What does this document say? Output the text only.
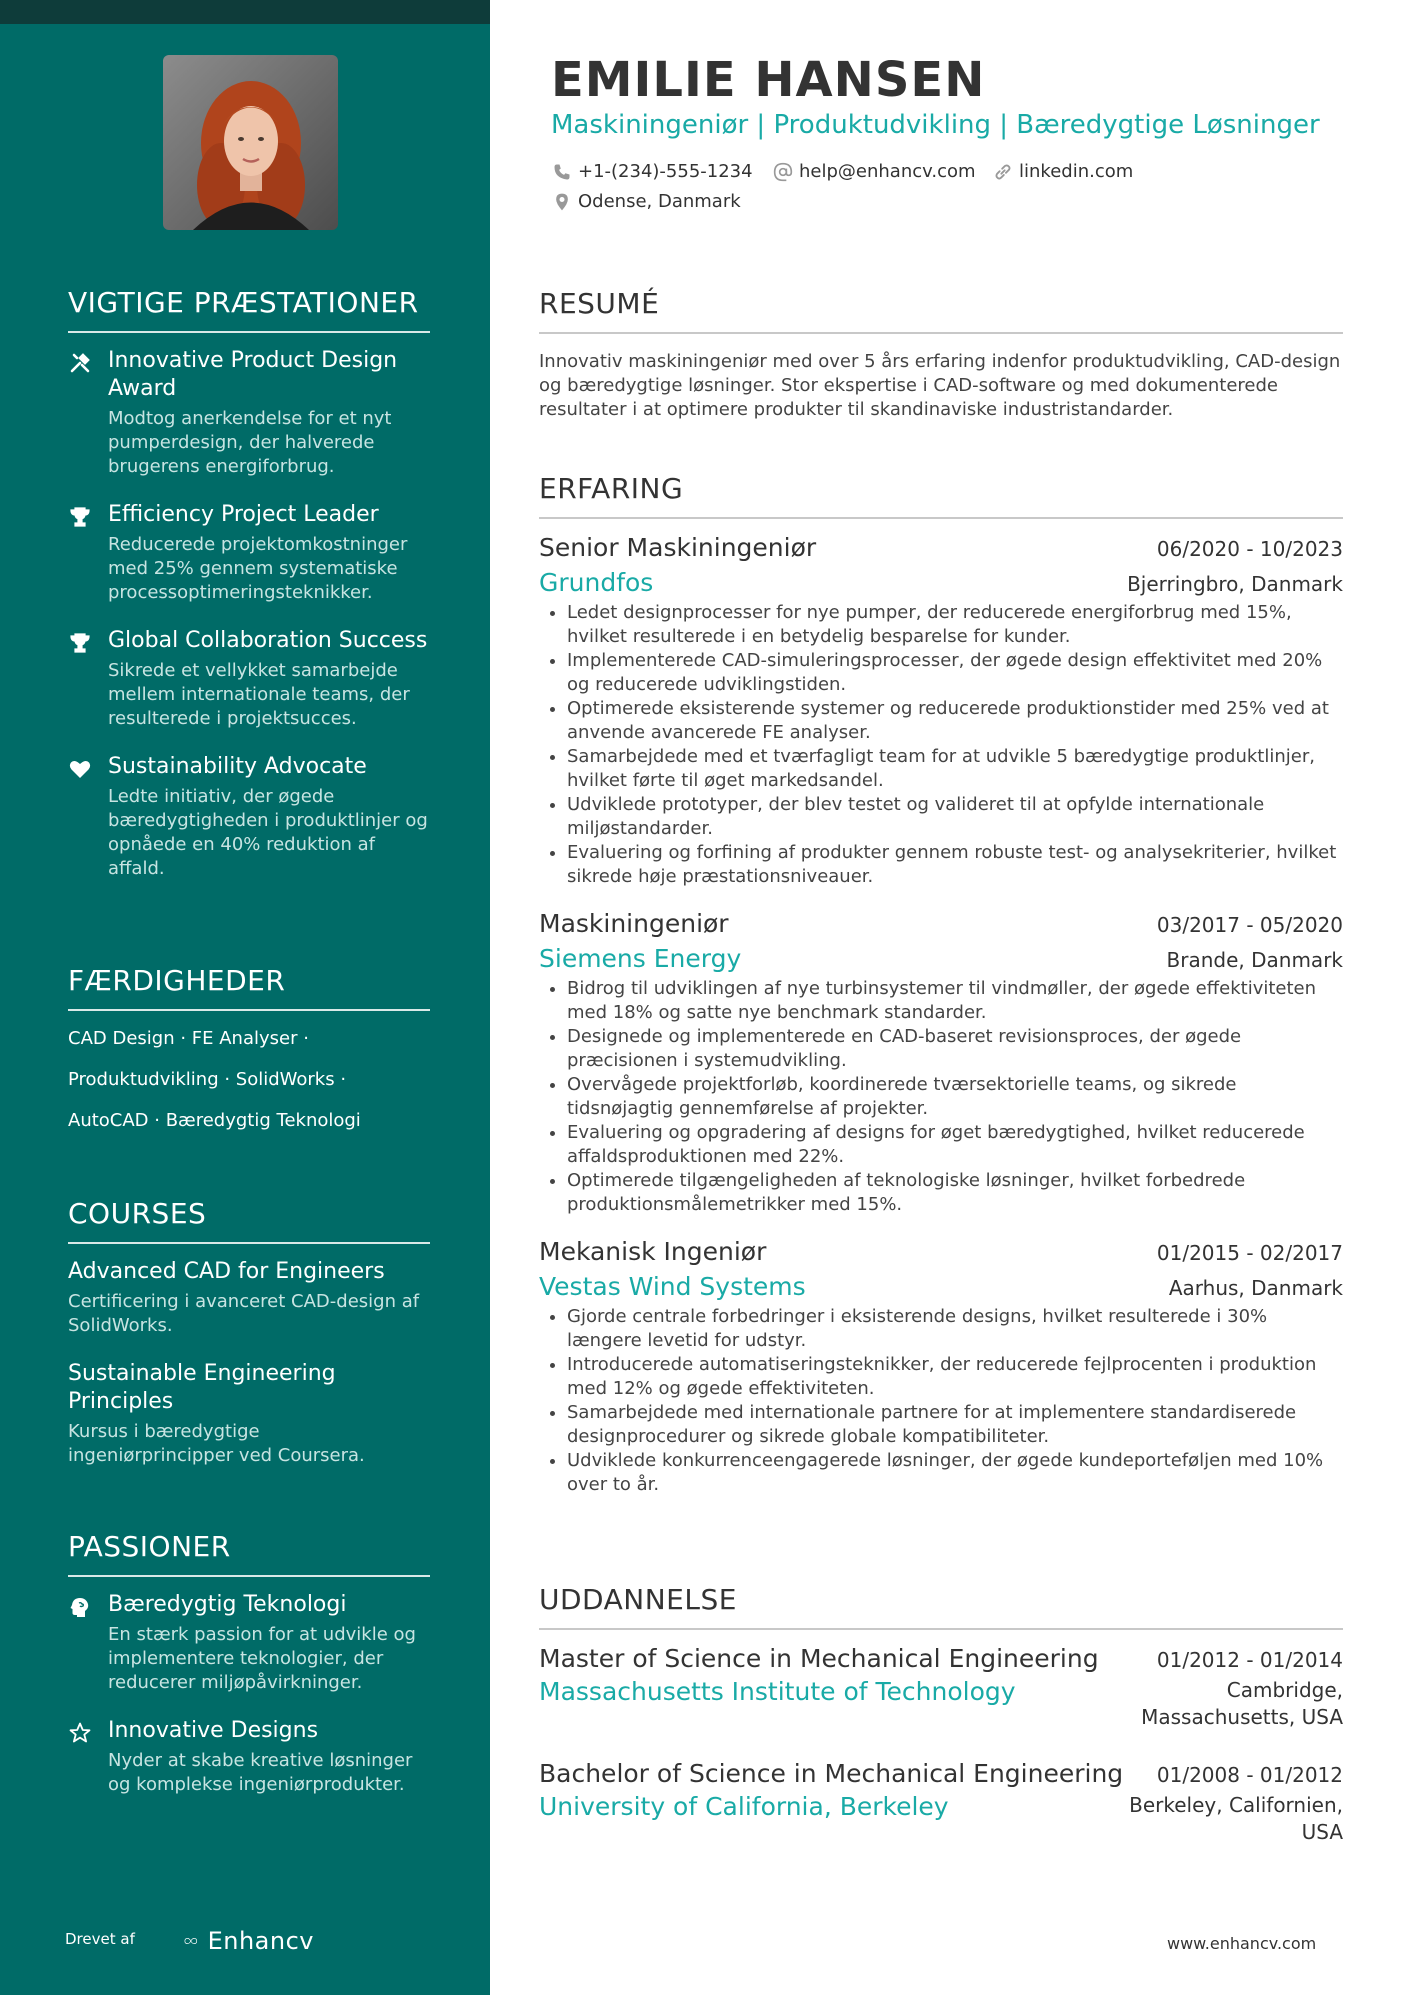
VIGTIGE PRÆSTATIONER
Innovative Product Design Award
Modtog anerkendelse for et nyt pumperdesign, der halverede brugerens energiforbrug.
Efficiency Project Leader
Reducerede projektomkostninger med 25% gennem systematiske processoptimeringsteknikker.
Global Collaboration Success
Sikrede et vellykket samarbejde mellem internationale teams, der resulterede i projektsucces.
Sustainability Advocate
Ledte initiativ, der øgede bæredygtigheden i produktlinjer og opnåede en 40% reduktion af affald.
FÆRDIGHEDER
CAD Design · FE Analyser ·
Produktudvikling · SolidWorks ·
AutoCAD · Bæredygtig Teknologi
COURSES
Advanced CAD for Engineers
Certificering i avanceret CAD-design af SolidWorks.
Sustainable Engineering Principles
Kursus i bæredygtige ingeniørprincipper ved Coursera.
PASSIONER
Bæredygtig Teknologi
En stærk passion for at udvikle og implementere teknologier, der reducerer miljøpåvirkninger.
Innovative Designs
Nyder at skabe kreative løsninger og komplekse ingeniørprodukter.
Drevet af	Enhancv
EMILIE HANSEN
Maskiningeniør | Produktudvikling | Bæredygtige Løsninger
+1-(234)-555-1234	help@enhancv.com linkedin.com
Odense, Danmark
RESUMÉ
Innovativ maskiningeniør med over 5 års erfaring indenfor produktudvikling, CAD-design og bæredygtige løsninger. Stor ekspertise i CAD-software og med dokumenterede resultater i at optimere produkter til skandinaviske industristandarder.
ERFARING
Senior Maskiningeniør	06/2020 - 10/2023
Grundfos	Bjerringbro, Danmark
• Ledet designprocesser for nye pumper, der reducerede energiforbrug med 15%, hvilket resulterede i en betydelig besparelse for kunder.
• Implementerede CAD-simuleringsprocesser, der øgede design effektivitet med 20% og reducerede udviklingstiden.
• Optimerede eksisterende systemer og reducerede produktionstider med 25% ved at anvende avancerede FE analyser.
• Samarbejdede med et tværfagligt team for at udvikle 5 bæredygtige produktlinjer, hvilket førte til øget markedsandel.
• Udviklede prototyper, der blev testet og valideret til at opfylde internationale miljøstandarder.
• Evaluering og forfining af produkter gennem robuste test- og analysekriterier, hvilket sikrede høje præstationsniveauer.
Maskiningeniør	03/2017 - 05/2020
Siemens Energy	Brande, Danmark
• Bidrog til udviklingen af nye turbinsystemer til vindmøller, der øgede effektiviteten med 18% og satte nye benchmark standarder.
• Designede og implementerede en CAD-baseret revisionsproces, der øgede præcisionen i systemudvikling.
• Overvågede projektforløb, koordinerede tværsektorielle teams, og sikrede tidsnøjagtig gennemførelse af projekter.
• Evaluering og opgradering af designs for øget bæredygtighed, hvilket reducerede affaldsproduktionen med 22%.
• Optimerede tilgængeligheden af teknologiske løsninger, hvilket forbedrede produktionsmålemetrikker med 15%.
Mekanisk Ingeniør	01/2015 - 02/2017
Vestas Wind Systems	Aarhus, Danmark
• Gjorde centrale forbedringer i eksisterende designs, hvilket resulterede i 30% længere levetid for udstyr.
• Introducerede automatiseringsteknikker, der reducerede fejlprocenten i produktion med 12% og øgede effektiviteten.
• Samarbejdede med internationale partnere for at implementere standardiserede designprocedurer og sikrede globale kompatibiliteter.
• Udviklede konkurrenceengagerede løsninger, der øgede kundeporteføljen med 10% over to år.
UDDANNELSE
Master of Science in Mechanical Engineering	01/2012 - 01/2014
Massachusetts Institute of Technology	Cambridge, Massachusetts, USA
Bachelor of Science in Mechanical Engineering 01/2008 - 01/2012
University of California, Berkeley	Berkeley, Californien, USA
www.enhancv.com
